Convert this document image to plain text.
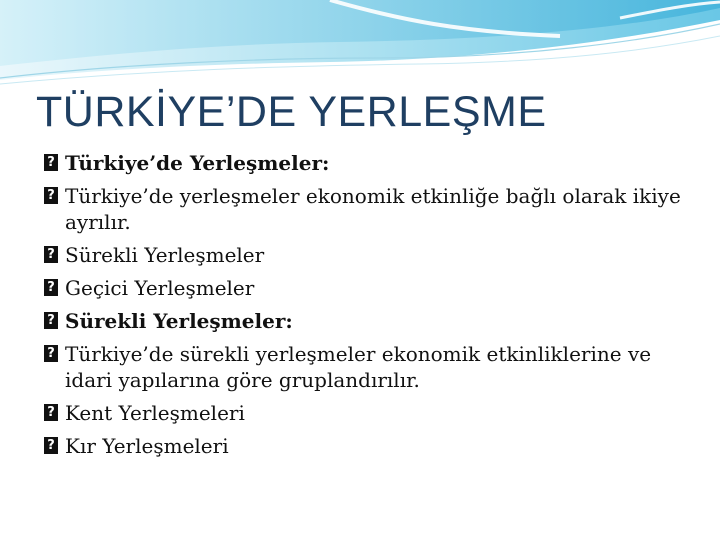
TÜRKİYE’DE YERLEŞME
? Türkiye’de Yerleşmeler:
? Türkiye’de yerleşmeler ekonomik etkinliğe bağlı olarak ikiye ayrılır.
? Sürekli Yerleşmeler
? Geçici Yerleşmeler
? Sürekli Yerleşmeler:
? Türkiye’de sürekli yerleşmeler ekonomik etkinliklerine ve idari yapılarına göre gruplandırılır.
? Kent Yerleşmeleri
? Kır Yerleşmeleri
